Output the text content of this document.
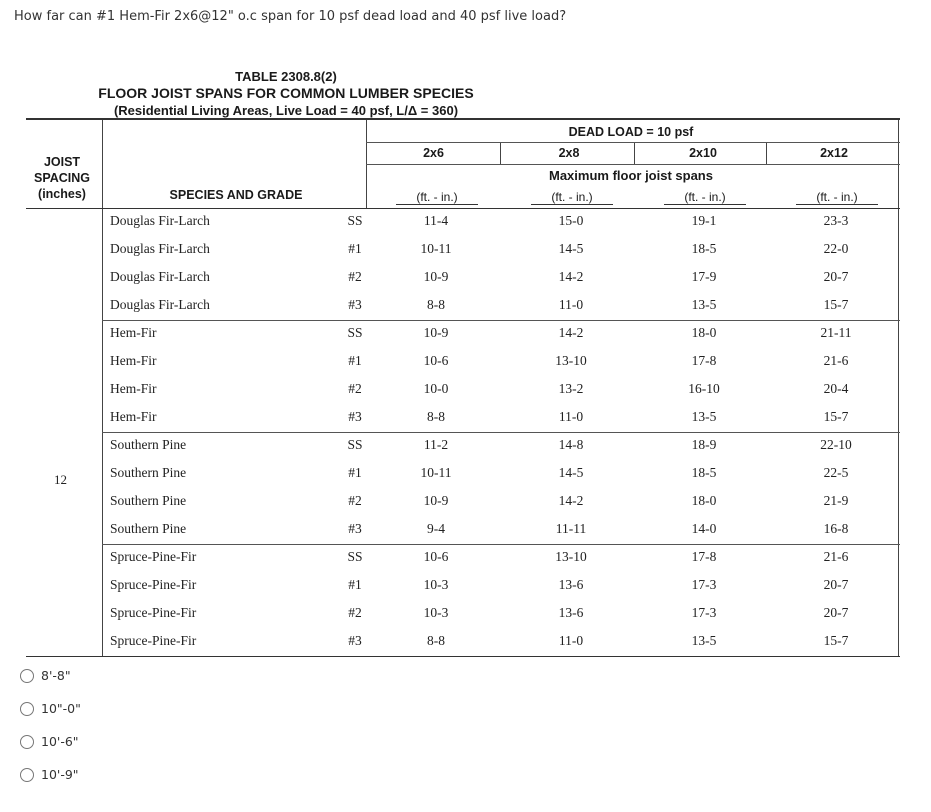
How far can #1 Hem-Fir 2x6@12" o.c span for 10 psf dead load and 40 psf live load?
TABLE 2308.8(2)
FLOOR JOIST SPANS FOR COMMON LUMBER SPECIES
(Residential Living Areas, Live Load = 40 psf, L/Δ = 360)
DEAD LOAD = 10 psf
JOIST SPACING (inches)	SPECIES AND GRADE
Maximum floor joist spans
2x6	2x8	2x10	2x12
(ft. - in.)	(ft. - in.)	(ft. - in.)	(ft. - in.)
12
Douglas Fir-Larch	SS	11-4	15-0	19-1	23-3
Douglas Fir-Larch	#1	10-11	14-5	18-5	22-0
Douglas Fir-Larch	#2	10-9	14-2	17-9	20-7
Douglas Fir-Larch	#3	8-8	11-0	13-5	15-7
Hem-Fir	SS	10-9	14-2	18-0	21-11
Hem-Fir	#1	10-6	13-10	17-8	21-6
Hem-Fir	#2	10-0	13-2	16-10	20-4
Hem-Fir	#3	8-8	11-0	13-5	15-7
Southern Pine	SS	11-2	14-8	18-9	22-10
Southern Pine	#1	10-11	14-5	18-5	22-5
Southern Pine	#2	10-9	14-2	18-0	21-9
Southern Pine	#3	9-4	11-11	14-0	16-8
Spruce-Pine-Fir	SS	10-6	13-10	17-8	21-6
Spruce-Pine-Fir	#1	10-3	13-6	17-3	20-7
Spruce-Pine-Fir	#2	10-3	13-6	17-3	20-7
Spruce-Pine-Fir	#3	8-8	11-0	13-5	15-7
8'-8"
10"-0"
10'-6"
10'-9"
